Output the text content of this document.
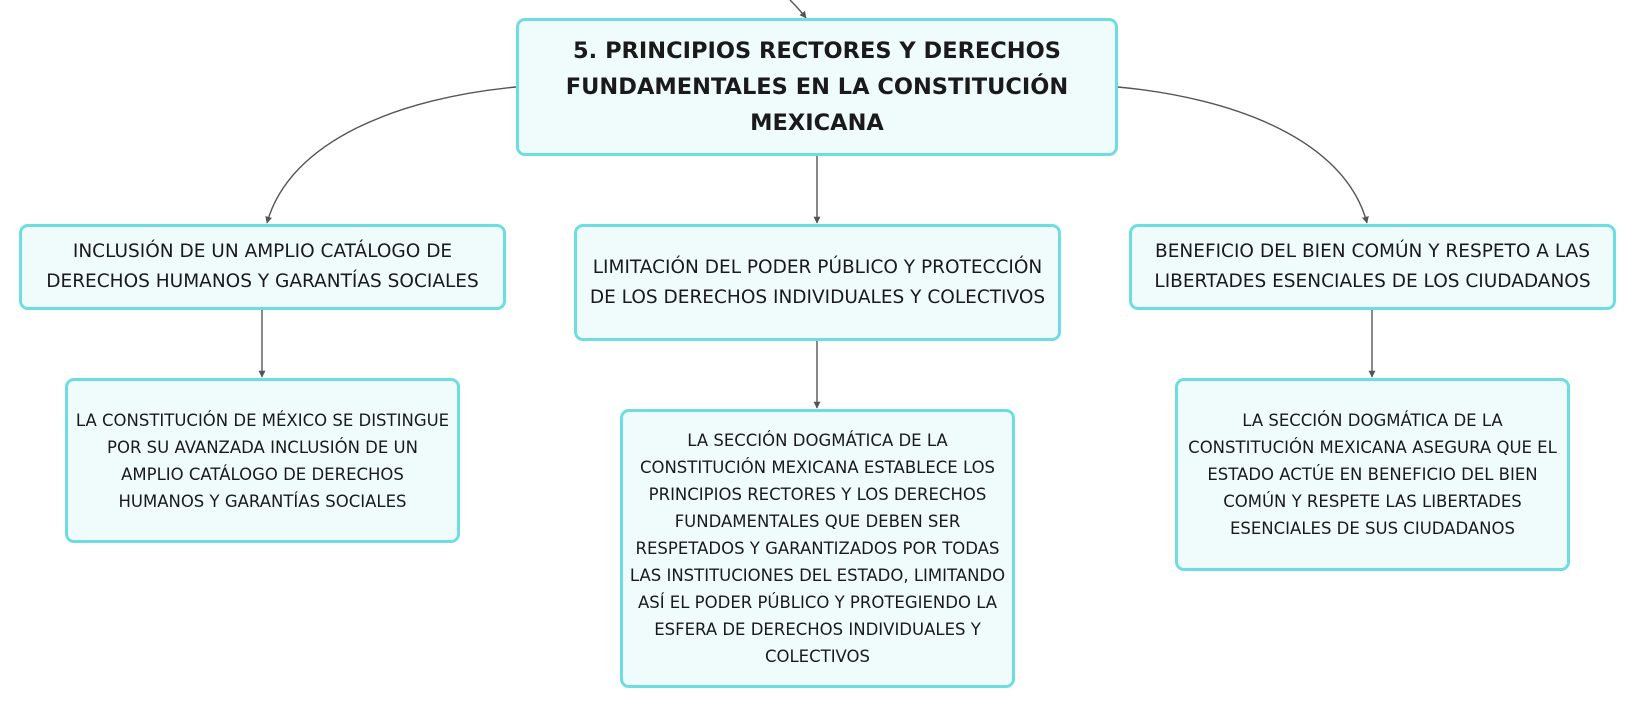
5. PRINCIPIOS RECTORES Y DERECHOS
FUNDAMENTALES EN LA CONSTITUCIÓN MEXICANA
INCLUSIÓN DE UN AMPLIO CATÁLOGO DE
DERECHOS HUMANOS Y GARANTÍAS SOCIALES
LIMITACIÓN DEL PODER PÚBLICO Y PROTECCIÓN
DE LOS DERECHOS INDIVIDUALES Y COLECTIVOS
BENEFICIO DEL BIEN COMÚN Y RESPETO A LAS
LIBERTADES ESENCIALES DE LOS CIUDADANOS
LA CONSTITUCIÓN DE MÉXICO SE DISTINGUE
POR SU AVANZADA INCLUSIÓN DE UN
AMPLIO CATÁLOGO DE DERECHOS
HUMANOS Y GARANTÍAS SOCIALES
LA SECCIÓN DOGMÁTICA DE LA
CONSTITUCIÓN MEXICANA ESTABLECE LOS
PRINCIPIOS RECTORES Y LOS DERECHOS
FUNDAMENTALES QUE DEBEN SER
RESPETADOS Y GARANTIZADOS POR TODAS
LAS INSTITUCIONES DEL ESTADO, LIMITANDO
ASÍ EL PODER PÚBLICO Y PROTEGIENDO LA
ESFERA DE DERECHOS INDIVIDUALES Y
COLECTIVOS
LA SECCIÓN DOGMÁTICA DE LA
CONSTITUCIÓN MEXICANA ASEGURA QUE EL
ESTADO ACTÚE EN BENEFICIO DEL BIEN
COMÚN Y RESPETE LAS LIBERTADES
ESENCIALES DE SUS CIUDADANOS
